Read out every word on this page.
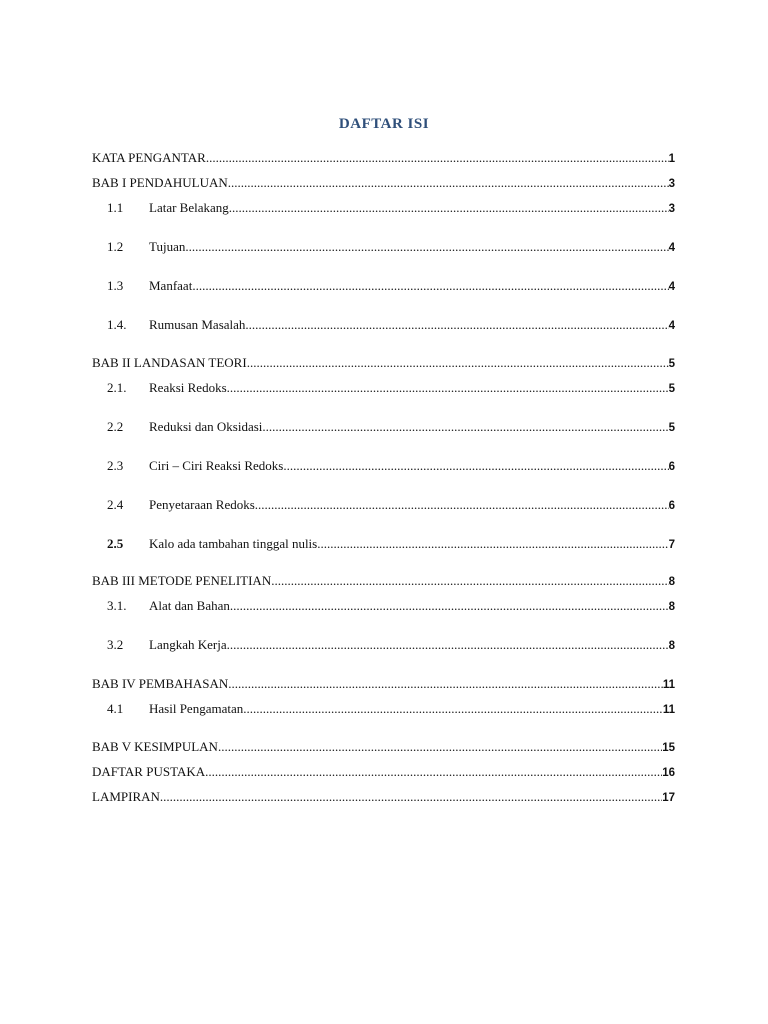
DAFTAR ISI
KATA PENGANTAR .....	1
BAB I PENDAHULUAN .....	3
1.1	Latar Belakang .....	3
1.2	Tujuan .....	4
1.3	Manfaat .....	4
1.4.	Rumusan Masalah .....	4
BAB II LANDASAN TEORI .....	5
2.1.	Reaksi Redoks .....	5
2.2	Reduksi dan Oksidasi .....	5
2.3	Ciri – Ciri Reaksi Redoks .....	6
2.4	Penyetaraan Redoks .....	6
2.5	Kalo ada tambahan tinggal nulis .....	7
BAB III METODE PENELITIAN .....	8
3.1.	Alat dan Bahan .....	8
3.2	Langkah Kerja .....	8
BAB IV PEMBAHASAN .....	11
4.1	Hasil Pengamatan .....	11
BAB V KESIMPULAN .....	15
DAFTAR PUSTAKA .....	16
LAMPIRAN .....	17
